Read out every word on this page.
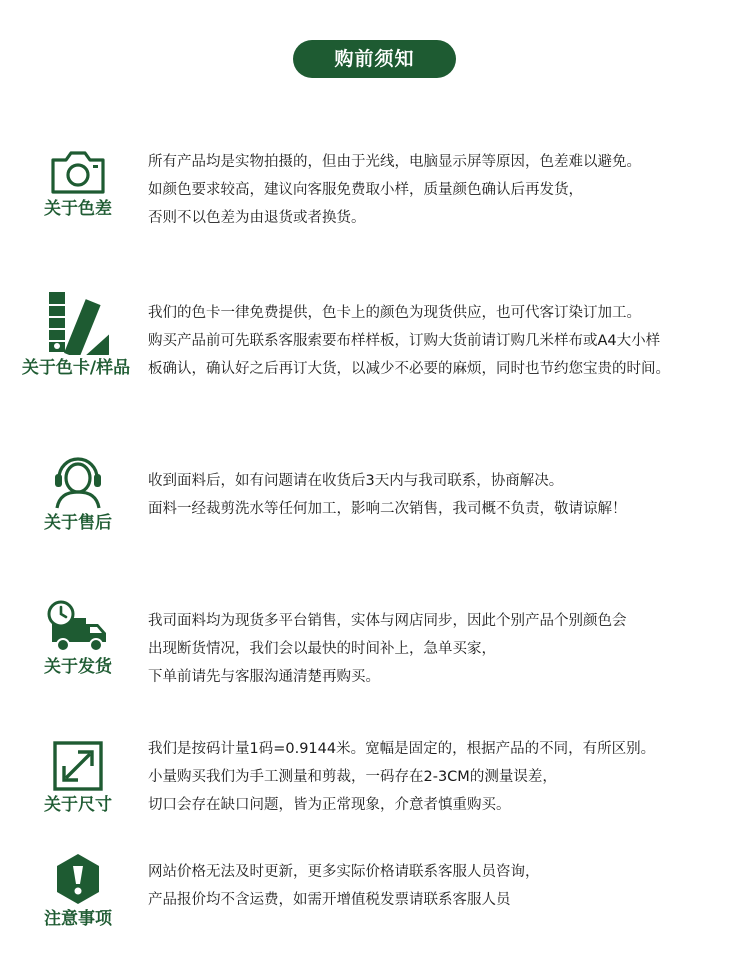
购前须知
关于色差
所有产品均是实物拍摄的，但由于光线，电脑显示屏等原因，色差难以避免。
如颜色要求较高，建议向客服免费取小样，质量颜色确认后再发货，
否则不以色差为由退货或者换货。
关于色卡/样品
我们的色卡一律免费提供，色卡上的颜色为现货供应，也可代客订染订加工。
购买产品前可先联系客服索要布样样板，订购大货前请订购几米样布或A4大小样
板确认，确认好之后再订大货，以减少不必要的麻烦，同时也节约您宝贵的时间。
关于售后
收到面料后，如有问题请在收货后3天内与我司联系，协商解决。
面料一经裁剪洗水等任何加工，影响二次销售，我司概不负责，敬请谅解！
关于发货
我司面料均为现货多平台销售，实体与网店同步，因此个别产品个别颜色会
出现断货情况，我们会以最快的时间补上，急单买家，
下单前请先与客服沟通清楚再购买。
关于尺寸
我们是按码计量1码=0.9144米。宽幅是固定的，根据产品的不同，有所区别。
小量购买我们为手工测量和剪裁，一码存在2-3CM的测量误差，
切口会存在缺口问题，皆为正常现象，介意者慎重购买。
注意事项
网站价格无法及时更新，更多实际价格请联系客服人员咨询，
产品报价均不含运费，如需开增值税发票请联系客服人员
